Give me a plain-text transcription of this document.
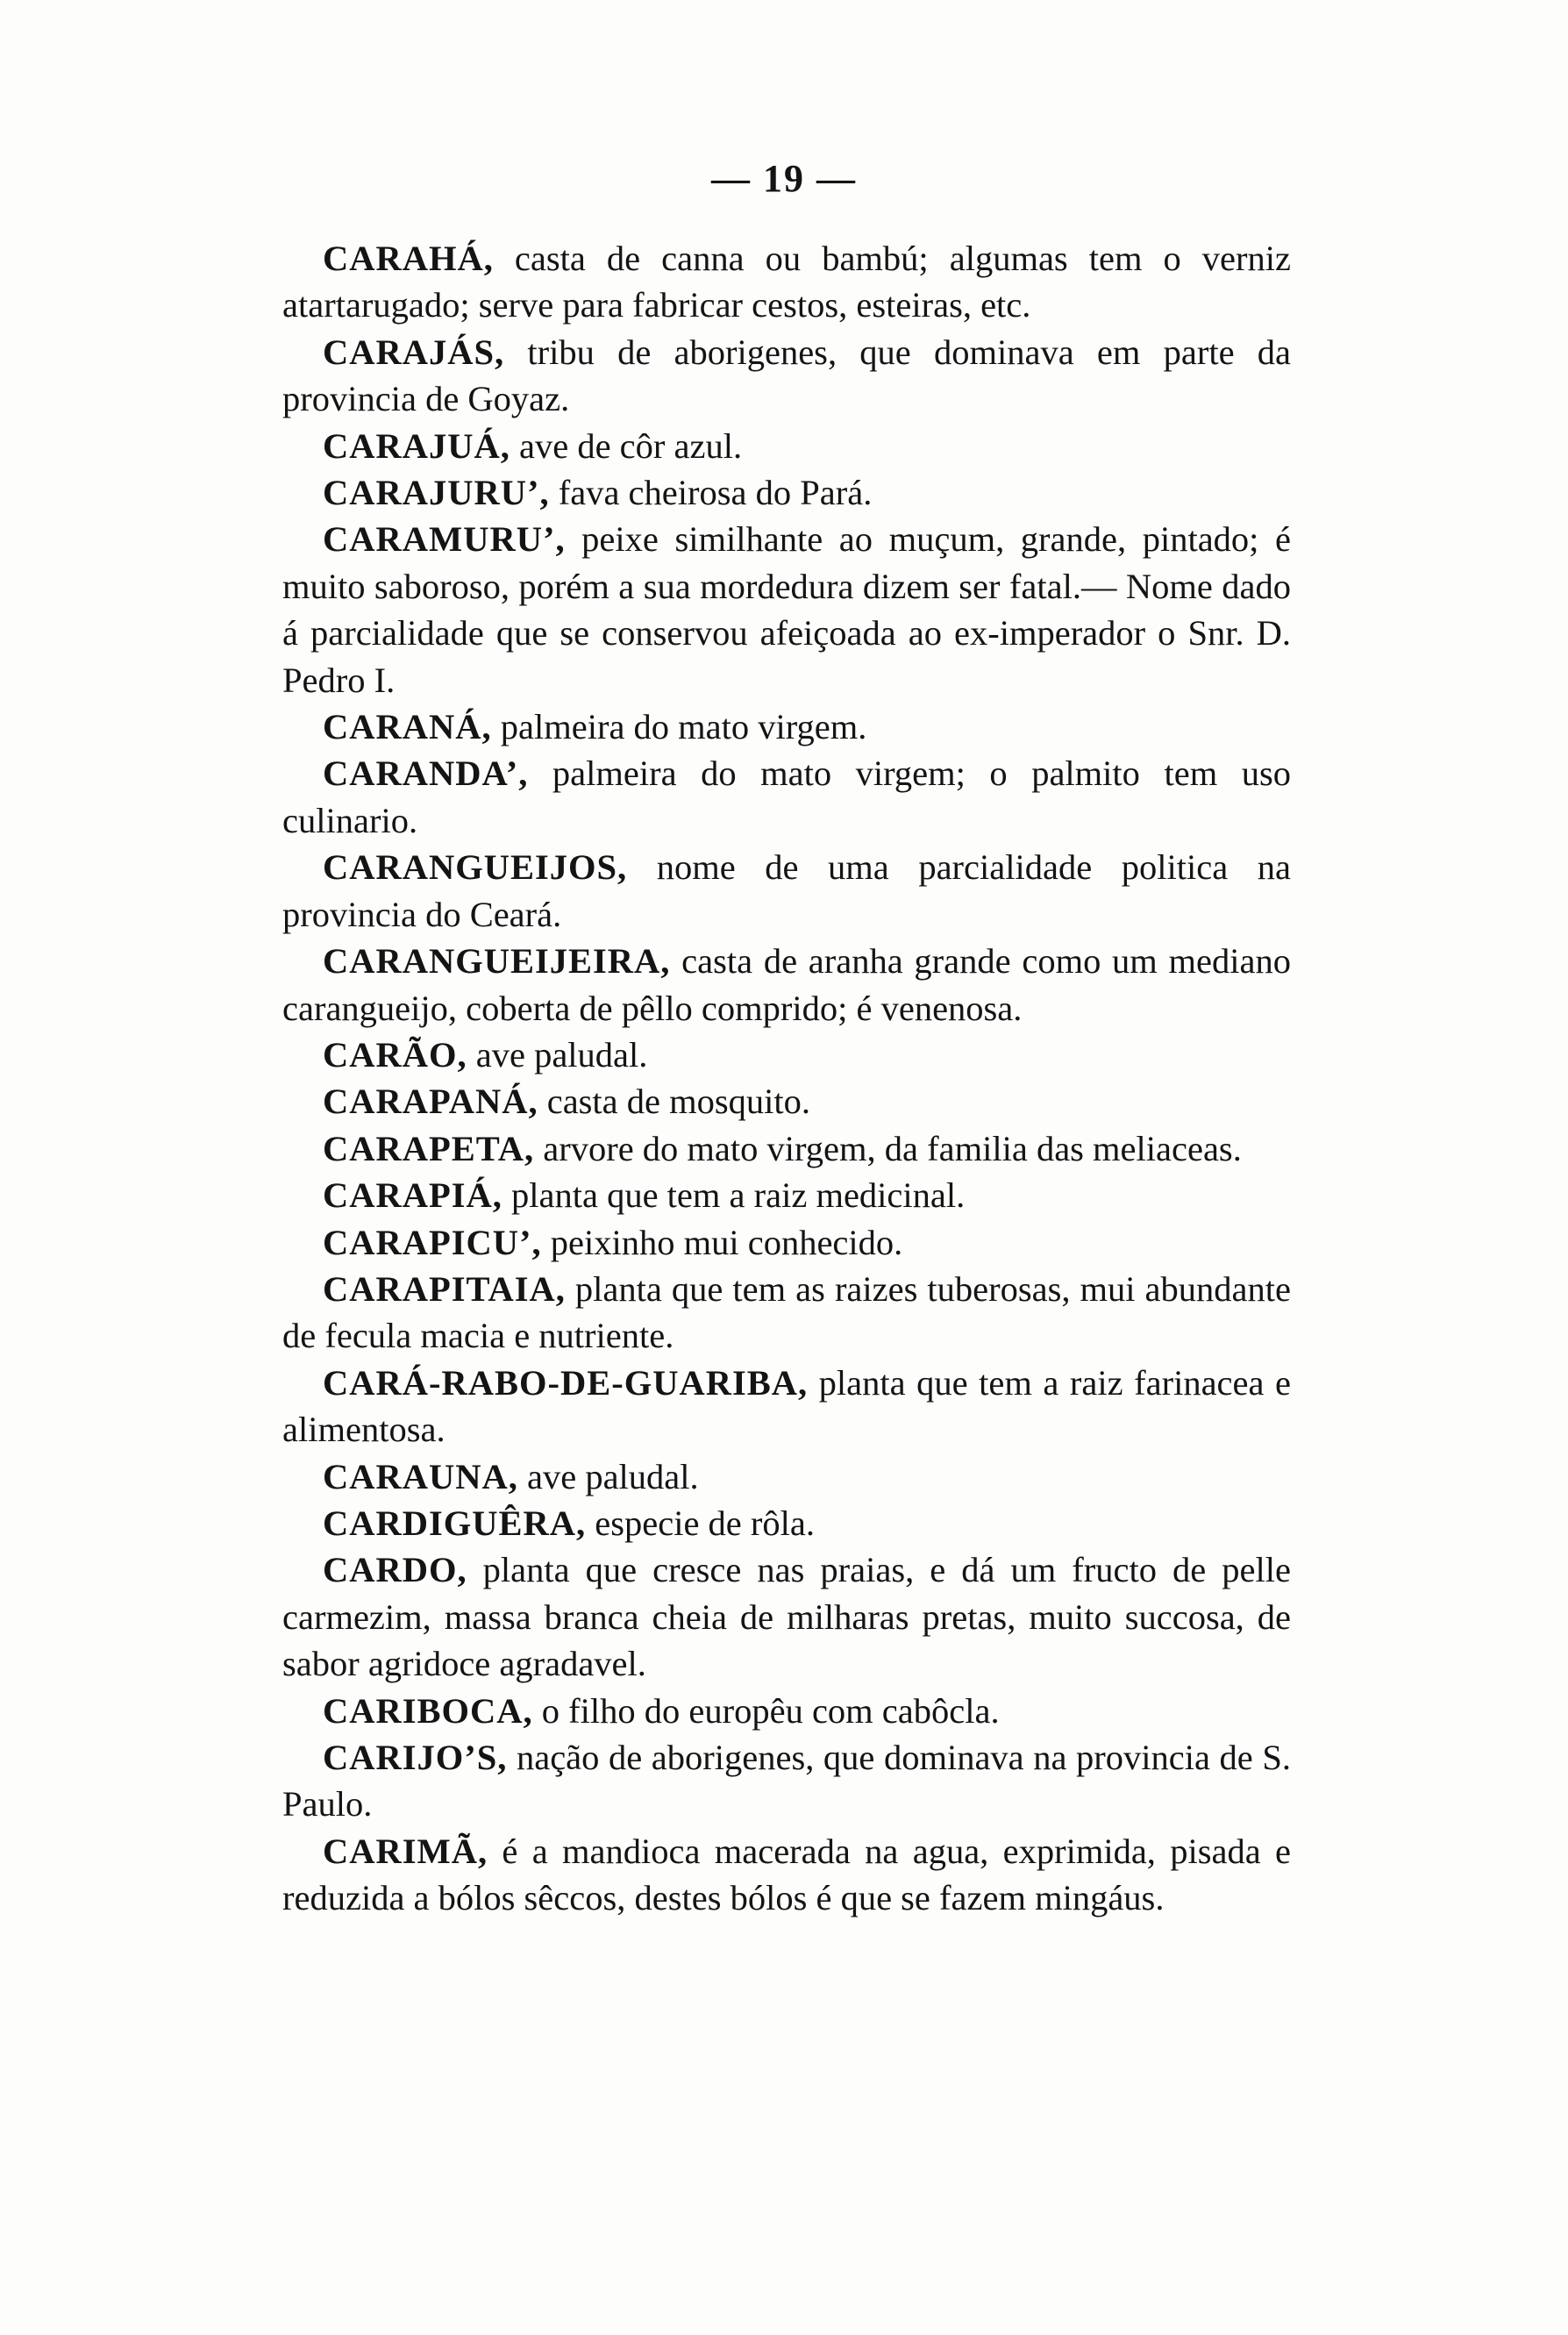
— 19 —

CARAHÁ, casta de canna ou bambú; algumas tem o verniz atartarugado; serve para fabricar cestos, esteiras, etc.

CARAJÁS, tribu de aborigenes, que dominava em parte da provincia de Goyaz.

CARAJUÁ, ave de côr azul.

CARAJURU’, fava cheirosa do Pará.

CARAMURU’, peixe similhante ao muçum, grande, pintado; é muito saboroso, porém a sua mordedura dizem ser fatal.— Nome dado á parcialidade que se conservou afeiçoada ao ex-imperador o Snr. D. Pedro I.

CARANÁ, palmeira do mato virgem.

CARANDA’, palmeira do mato virgem; o palmito tem uso culinario.

CARANGUEIJOS, nome de uma parcialidade politica na provincia do Ceará.

CARANGUEIJEIRA, casta de aranha grande como um mediano carangueijo, coberta de pêllo comprido; é venenosa.

CARÃO, ave paludal.

CARAPANÁ, casta de mosquito.

CARAPETA, arvore do mato virgem, da familia das meliaceas.

CARAPIÁ, planta que tem a raiz medicinal.

CARAPICU’, peixinho mui conhecido.

CARAPITAIA, planta que tem as raizes tuberosas, mui abundante de fecula macia e nutriente.

CARÁ-RABO-DE-GUARIBA, planta que tem a raiz farinacea e alimentosa.

CARAUNA, ave paludal.

CARDIGUÊRA, especie de rôla.

CARDO, planta que cresce nas praias, e dá um fructo de pelle carmezim, massa branca cheia de milharas pretas, muito succosa, de sabor agridoce agradavel.

CARIBOCA, o filho do europêu com cabôcla.

CARIJO’S, nação de aborigenes, que dominava na provincia de S. Paulo.

CARIMÃ, é a mandioca macerada na agua, exprimida, pisada e reduzida a bólos sêccos, destes bólos é que se fazem mingáus.
